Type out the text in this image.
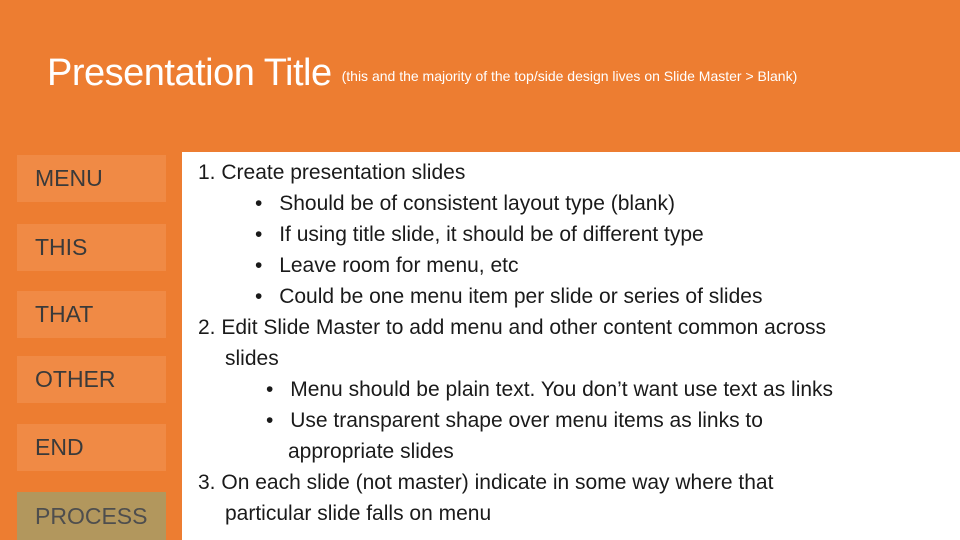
Presentation Title (this and the majority of the top/side design lives on Slide Master > Blank)
MENU
THIS
THAT
OTHER
END
PROCESS
1. Create presentation slides
• Should be of consistent layout type (blank)
• If using title slide, it should be of different type
• Leave room for menu, etc
• Could be one menu item per slide or series of slides
2. Edit Slide Master to add menu and other content common across
slides
• Menu should be plain text. You don’t want use text as links
• Use transparent shape over menu items as links to
appropriate slides
3. On each slide (not master) indicate in some way where that
particular slide falls on menu
